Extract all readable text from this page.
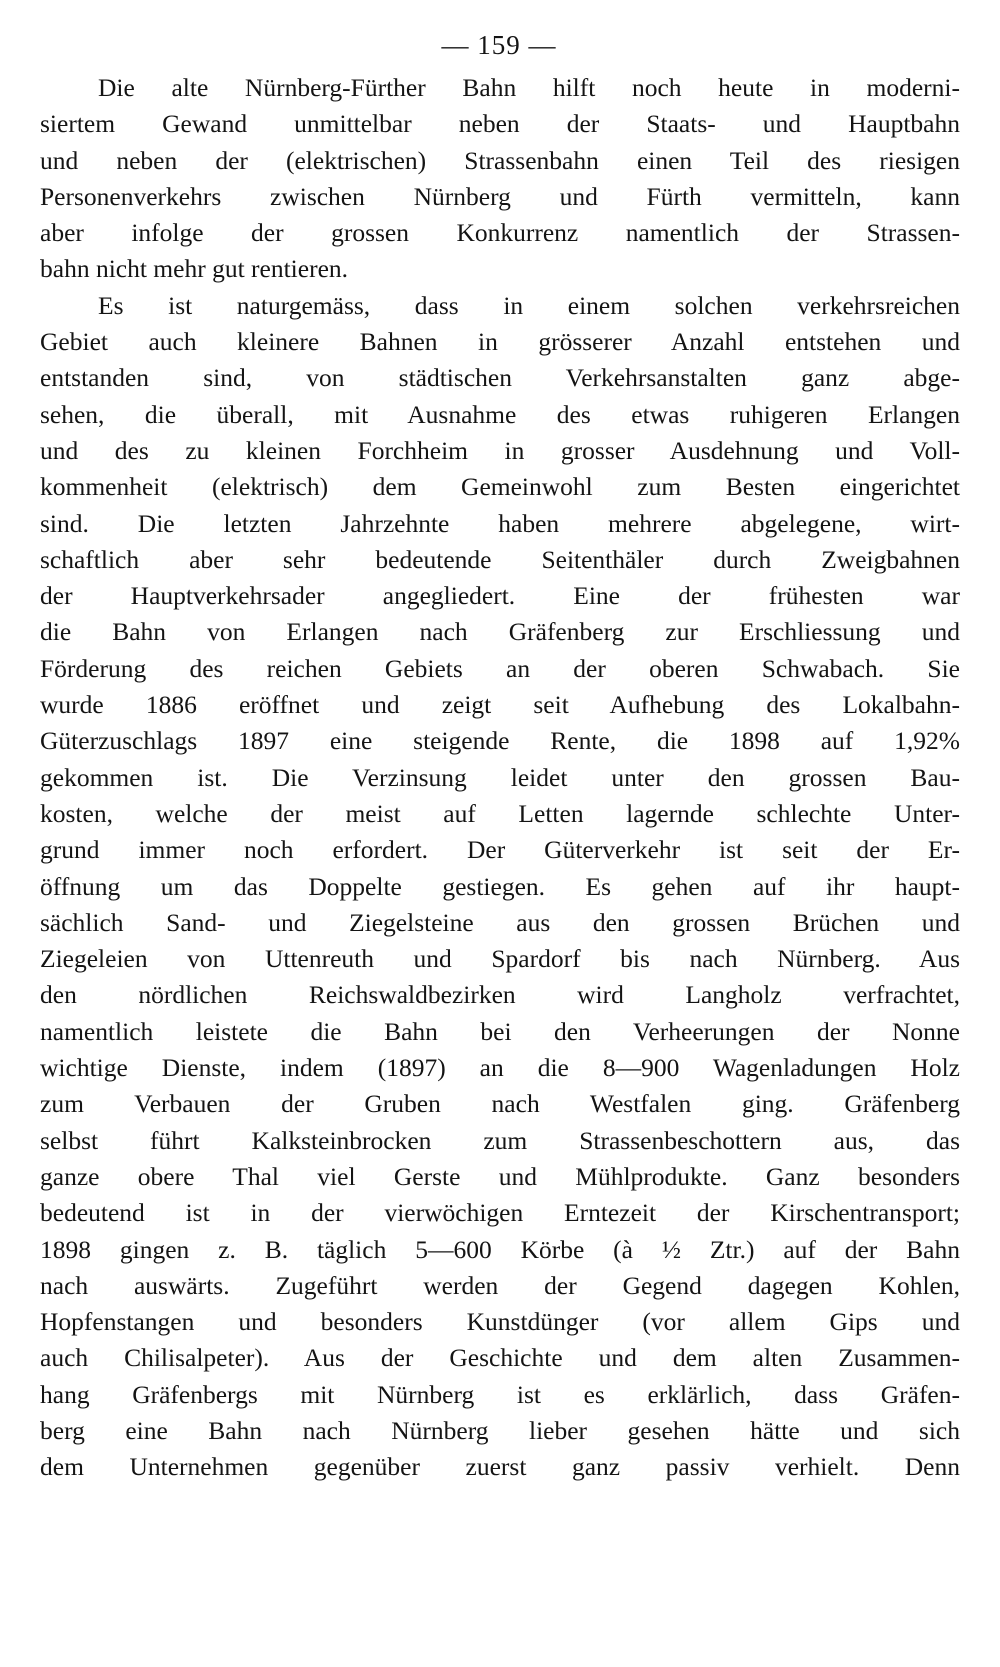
— 159 —

Die alte Nürnberg-Fürther Bahn hilft noch heute in moderni-
siertem Gewand unmittelbar neben der Staats- und Hauptbahn
und neben der (elektrischen) Strassenbahn einen Teil des riesigen
Personenverkehrs zwischen Nürnberg und Fürth vermitteln, kann
aber infolge der grossen Konkurrenz namentlich der Strassen-
bahn nicht mehr gut rentieren.

Es ist naturgemäss, dass in einem solchen verkehrsreichen
Gebiet auch kleinere Bahnen in grösserer Anzahl entstehen und
entstanden sind, von städtischen Verkehrsanstalten ganz abge-
sehen, die überall, mit Ausnahme des etwas ruhigeren Erlangen
und des zu kleinen Forchheim in grosser Ausdehnung und Voll-
kommenheit (elektrisch) dem Gemeinwohl zum Besten eingerichtet
sind. Die letzten Jahrzehnte haben mehrere abgelegene, wirt-
schaftlich aber sehr bedeutende Seitenthäler durch Zweigbahnen
der Hauptverkehrsader angegliedert. Eine der frühesten war
die Bahn von Erlangen nach Gräfenberg zur Erschliessung und
Förderung des reichen Gebiets an der oberen Schwabach. Sie
wurde 1886 eröffnet und zeigt seit Aufhebung des Lokalbahn-
Güterzuschlags 1897 eine steigende Rente, die 1898 auf 1,92%
gekommen ist. Die Verzinsung leidet unter den grossen Bau-
kosten, welche der meist auf Letten lagernde schlechte Unter-
grund immer noch erfordert. Der Güterverkehr ist seit der Er-
öffnung um das Doppelte gestiegen. Es gehen auf ihr haupt-
sächlich Sand- und Ziegelsteine aus den grossen Brüchen und
Ziegeleien von Uttenreuth und Spardorf bis nach Nürnberg. Aus
den nördlichen Reichswaldbezirken wird Langholz verfrachtet,
namentlich leistete die Bahn bei den Verheerungen der Nonne
wichtige Dienste, indem (1897) an die 8—900 Wagenladungen Holz
zum Verbauen der Gruben nach Westfalen ging. Gräfenberg
selbst führt Kalksteinbrocken zum Strassenbeschottern aus, das
ganze obere Thal viel Gerste und Mühlprodukte. Ganz besonders
bedeutend ist in der vierwöchigen Erntezeit der Kirschentransport;
1898 gingen z. B. täglich 5—600 Körbe (à ½ Ztr.) auf der Bahn
nach auswärts. Zugeführt werden der Gegend dagegen Kohlen,
Hopfenstangen und besonders Kunstdünger (vor allem Gips und
auch Chilisalpeter). Aus der Geschichte und dem alten Zusammen-
hang Gräfenbergs mit Nürnberg ist es erklärlich, dass Gräfen-
berg eine Bahn nach Nürnberg lieber gesehen hätte und sich
dem Unternehmen gegenüber zuerst ganz passiv verhielt. Denn
